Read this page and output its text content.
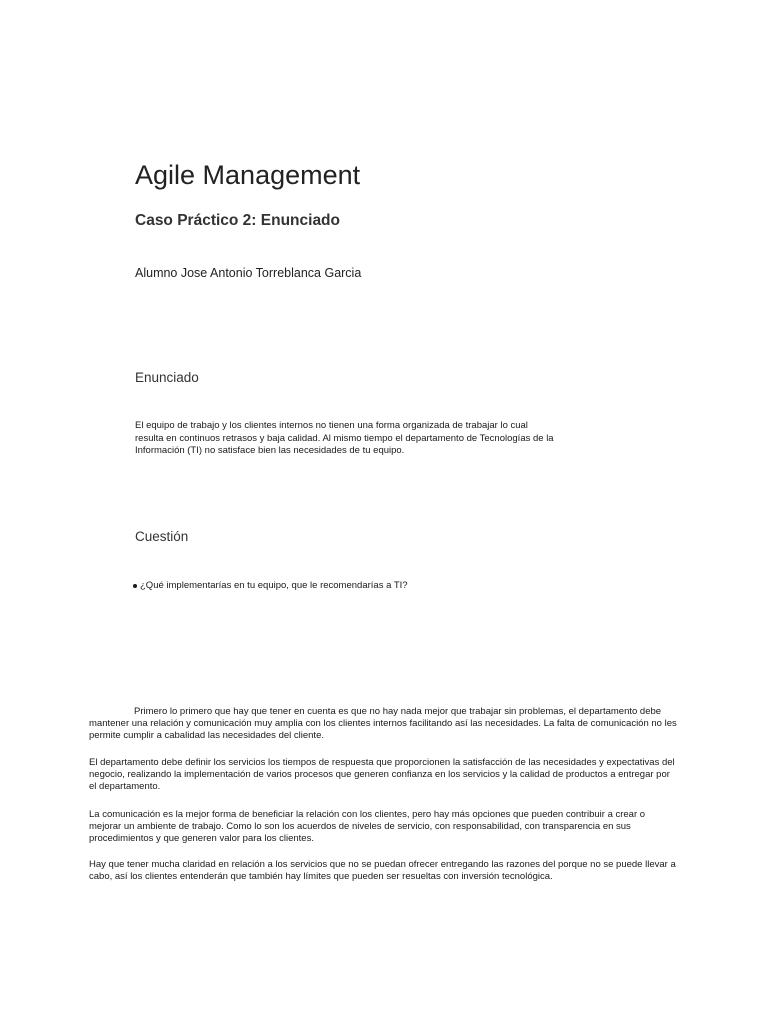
Agile Management
Caso Práctico 2: Enunciado

Alumno Jose Antonio Torreblanca Garcia

Enunciado

El equipo de trabajo y los clientes internos no tienen una forma organizada de trabajar lo cual resulta en continuos retrasos y baja calidad. Al mismo tiempo el departamento de Tecnologías de la Información (TI) no satisface bien las necesidades de tu equipo.

Cuestión
¿Qué implementarías en tu equipo, que le recomendarías a TI?

Primero lo primero que hay que tener en cuenta es que no hay nada mejor que trabajar sin problemas, el departamento debe mantener una relación y comunicación muy amplia con los clientes internos facilitando así las necesidades. La falta de comunicación no les permite cumplir a cabalidad las necesidades del cliente.

El departamento debe definir los servicios los tiempos de respuesta que proporcionen la satisfacción de las necesidades y expectativas del negocio, realizando la implementación de varios procesos que generen confianza en los servicios y la calidad de productos a entregar por el departamento.

La comunicación es la mejor forma de beneficiar la relación con los clientes, pero hay más opciones que pueden contribuir a crear o mejorar un ambiente de trabajo. Como lo son los acuerdos de niveles de servicio, con responsabilidad, con transparencia en sus procedimientos y que generen valor para los clientes.

Hay que tener mucha claridad en relación a los servicios que no se puedan ofrecer entregando las razones del porque no se puede llevar a cabo, así los clientes entenderán que también hay límites que pueden ser resueltas con inversión tecnológica.
